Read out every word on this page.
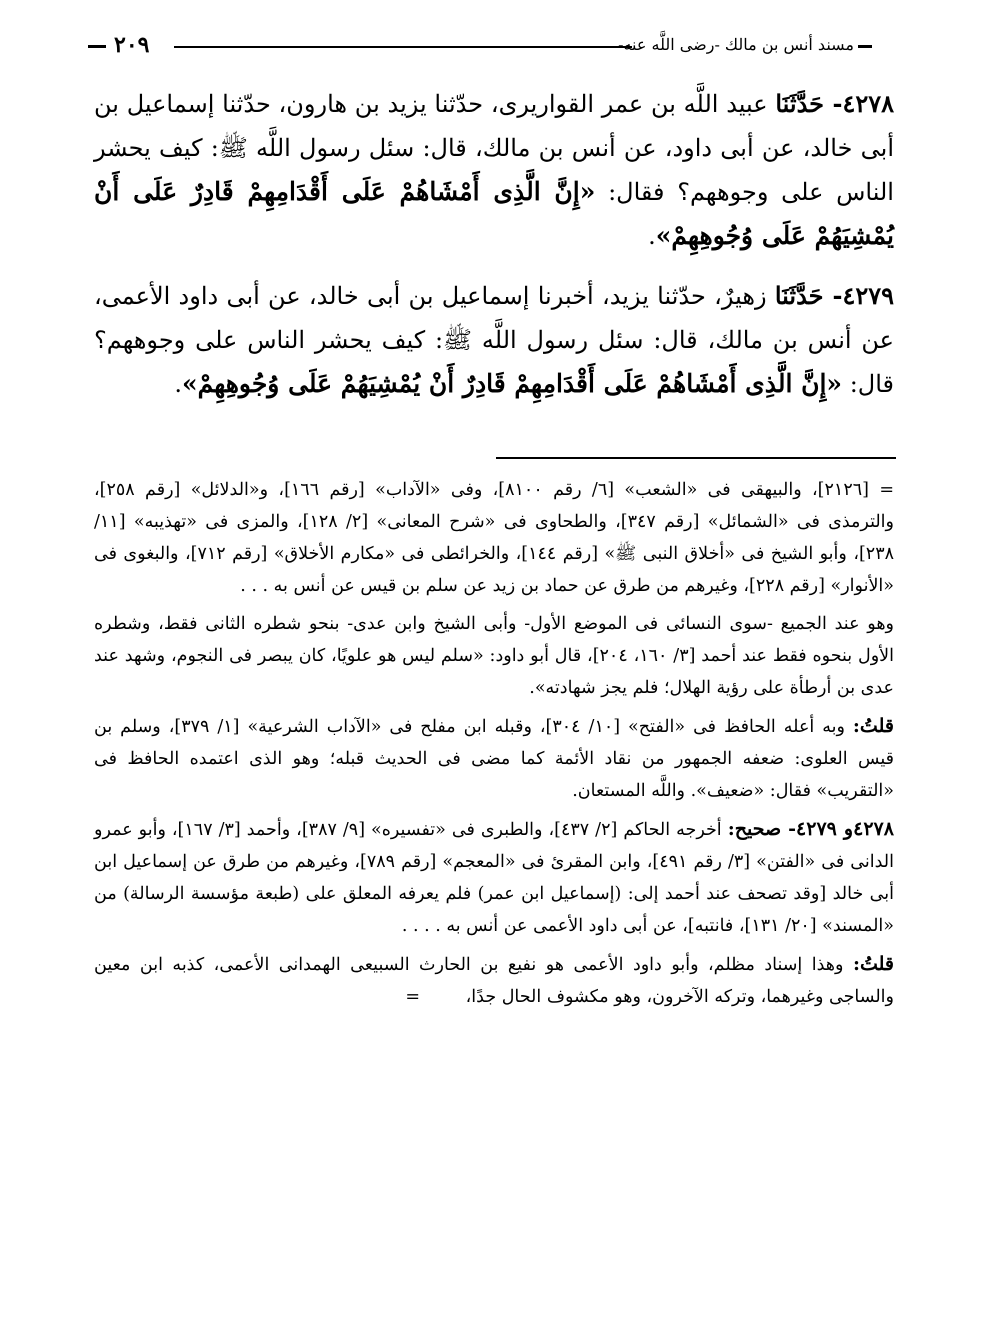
مسند أنس بن مالك -رضى اللَّه عنه-
٢٠٩

٤٢٧٨- حَدَّثَنَا عبيد اللَّه بن عمر القواريرى، حدّثنا يزيد بن هارون، حدّثنا إسماعيل بن أبى خالد، عن أبى داود، عن أنس بن مالك، قال: سئل رسول اللَّه ﷺ: كيف يحشر الناس على وجوههم؟ فقال: «إِنَّ الَّذِى أَمْشَاهُمْ عَلَى أَقْدَامِهِمْ قَادِرٌ عَلَى أَنْ يُمْشِيَهُمْ عَلَى وُجُوهِهِمْ».

٤٢٧٩- حَدَّثَنَا زهيرٌ، حدّثنا يزيد، أخبرنا إسماعيل بن أبى خالد، عن أبى داود الأعمى، عن أنس بن مالك، قال: سئل رسول اللَّه ﷺ: كيف يحشر الناس على وجوههم؟ قال: «إِنَّ الَّذِى أَمْشَاهُمْ عَلَى أَقْدَامِهِمْ قَادِرٌ أَنْ يُمْشِيَهُمْ عَلَى وُجُوهِهِمْ».

= [٢١٢٦]، والبيهقى فى «الشعب» [٦/ رقم ٨١٠٠]، وفى «الآداب» [رقم ١٦٦]، و«الدلائل» [رقم ٢٥٨]، والترمذى فى «الشمائل» [رقم ٣٤٧]، والطحاوى فى «شرح المعانى» [٢/ ١٢٨]، والمزى فى «تهذيبه» [١١/ ٢٣٨]، وأبو الشيخ فى «أخلاق النبى ﷺ» [رقم ١٤٤]، والخرائطى فى «مكارم الأخلاق» [رقم ٧١٢]، والبغوى فى «الأنوار» [رقم ٢٢٨]، وغيرهم من طرق عن حماد بن زيد عن سلم بن قيس عن أنس به . . .

وهو عند الجميع -سوى النسائى فى الموضع الأول- وأبى الشيخ وابن عدى- بنحو شطره الثانى فقط، وشطره الأول بنحوه فقط عند أحمد [٣/ ١٦٠، ٢٠٤]، قال أبو داود: «سلم ليس هو علويًا، كان يبصر فى النجوم، وشهد عند عدى بن أرطأة على رؤية الهلال؛ فلم يجز شهادته».

قلتُ: وبه أعله الحافظ فى «الفتح» [١٠/ ٣٠٤]، وقبله ابن مفلح فى «الآداب الشرعية» [١/ ٣٧٩]، وسلم بن قيس العلوى: ضعفه الجمهور من نقاد الأئمة كما مضى فى الحديث قبله؛ وهو الذى اعتمده الحافظ فى «التقريب» فقال: «ضعيف». واللَّه المستعان.

٤٢٧٨و ٤٢٧٩- صحيح: أخرجه الحاكم [٢/ ٤٣٧]، والطبرى فى «تفسيره» [٩/ ٣٨٧]، وأحمد [٣/ ١٦٧]، وأبو عمرو الدانى فى «الفتن» [٣/ رقم ٤٩١]، وابن المقرئ فى «المعجم» [رقم ٧٨٩]، وغيرهم من طرق عن إسماعيل ابن أبى خالد [وقد تصحف عند أحمد إلى: (إسماعيل ابن عمر) فلم يعرفه المعلق على (طبعة مؤسسة الرسالة) من «المسند» [٢٠/ ١٣١]، فانتبه]، عن أبى داود الأعمى عن أنس به . . . .

قلتُ: وهذا إسناد مظلم، وأبو داود الأعمى هو نفيع بن الحارث السبيعى الهمدانى الأعمى، كذبه ابن معين والساجى وغيرهما، وتركه الآخرون، وهو مكشوف الحال جدًا، =
